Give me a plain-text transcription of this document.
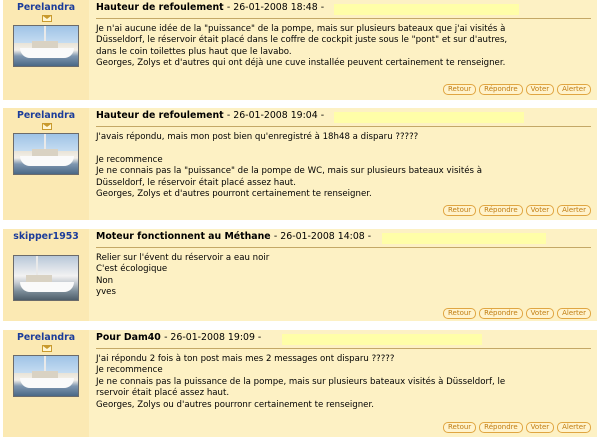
Perelandra	Hauteur de refoulement - 26-01-2008 18:48 -
Je n'ai aucune idée de la "puissance" de la pompe, mais sur plusieurs bateaux que j'ai visités à
Düsseldorf, le réservoir était placé dans le coffre de cockpit juste sous le "pont" et sur d'autres,
dans le coin toilettes plus haut que le lavabo.
Georges, Zolys et d'autres qui ont déjà une cuve installée peuvent certainement te renseigner.
Retour	Répondre	Voter	Alerter
Perelandra	Hauteur de refoulement - 26-01-2008 19:04 -
J'avais répondu, mais mon post bien qu'enregistré à 18h48 a disparu ?????

Je recommence
Je ne connais pas la "puissance" de la pompe de WC, mais sur plusieurs bateaux visités à
Düsseldorf, le réservoir était placé assez haut.
Georges, Zolys et d'autres pourront certainement te renseigner.
Retour	Répondre	Voter	Alerter
skipper1953	Moteur fonctionnent au Méthane - 26-01-2008 14:08 -
Relier sur l'évent du réservoir a eau noir
C'est écologique
Non
yves
Retour	Répondre	Voter	Alerter
Perelandra	Pour Dam40 - 26-01-2008 19:09 -
J'ai répondu 2 fois à ton post mais mes 2 messages ont disparu ?????
Je recommence
Je ne connais pas la puissance de la pompe, mais sur plusieurs bateaux visités à Düsseldorf, le
rservoir était placé assez haut.
Georges, Zolys ou d'autres pourronr certainement te renseigner.
Retour	Répondre	Voter	Alerter
